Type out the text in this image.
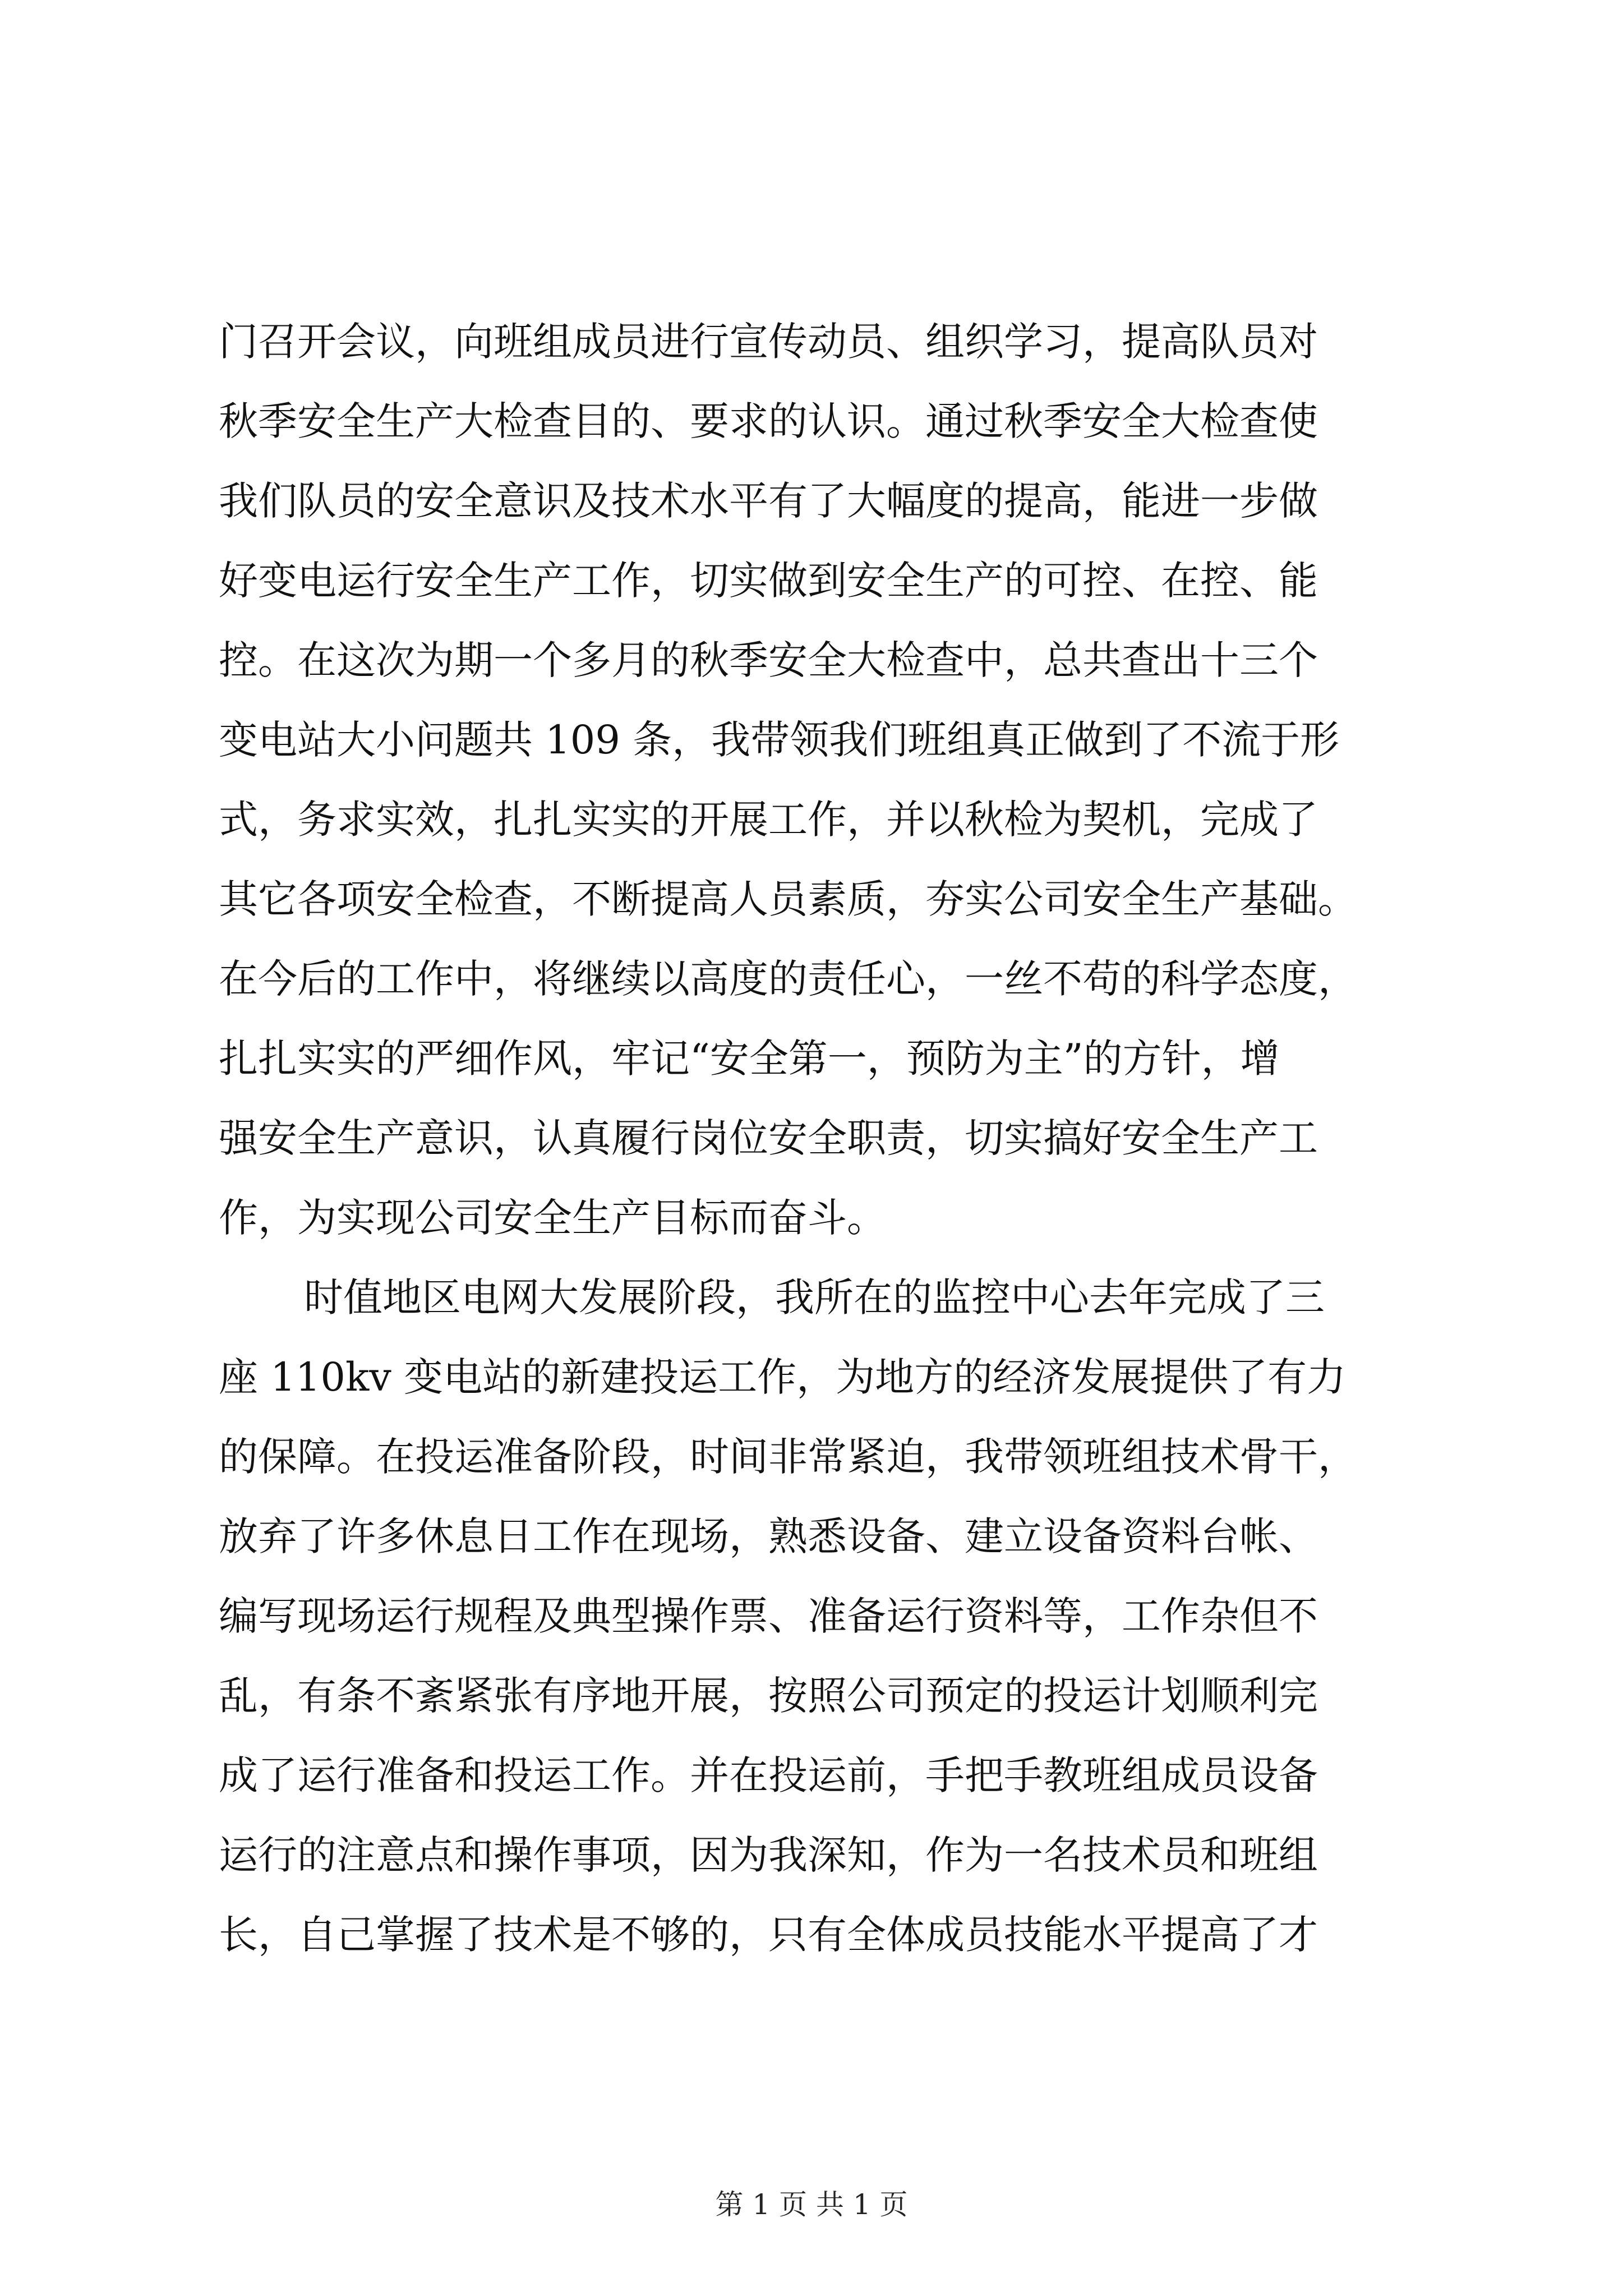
门召开会议，向班组成员进行宣传动员、组织学习，提高队员对
秋季安全生产大检查目的、要求的认识。通过秋季安全大检查使
我们队员的安全意识及技术水平有了大幅度的提高，能进一步做
好变电运行安全生产工作，切实做到安全生产的可控、在控、能
控。在这次为期一个多月的秋季安全大检查中，总共查出十三个
变电站大小问题共 109 条，我带领我们班组真正做到了不流于形
式，务求实效，扎扎实实的开展工作，并以秋检为契机，完成了
其它各项安全检查，不断提高人员素质，夯实公司安全生产基础。
在今后的工作中，将继续以高度的责任心，一丝不苟的科学态度，
扎扎实实的严细作风，牢记“安全第一，预防为主”的方针，增
强安全生产意识，认真履行岗位安全职责，切实搞好安全生产工
作，为实现公司安全生产目标而奋斗。
时值地区电网大发展阶段，我所在的监控中心去年完成了三
座 110kv 变电站的新建投运工作，为地方的经济发展提供了有力
的保障。在投运准备阶段，时间非常紧迫，我带领班组技术骨干，
放弃了许多休息日工作在现场，熟悉设备、建立设备资料台帐、
编写现场运行规程及典型操作票、准备运行资料等，工作杂但不
乱，有条不紊紧张有序地开展，按照公司预定的投运计划顺利完
成了运行准备和投运工作。并在投运前，手把手教班组成员设备
运行的注意点和操作事项，因为我深知，作为一名技术员和班组
长，自己掌握了技术是不够的，只有全体成员技能水平提高了才
第 1 页 共 1 页
